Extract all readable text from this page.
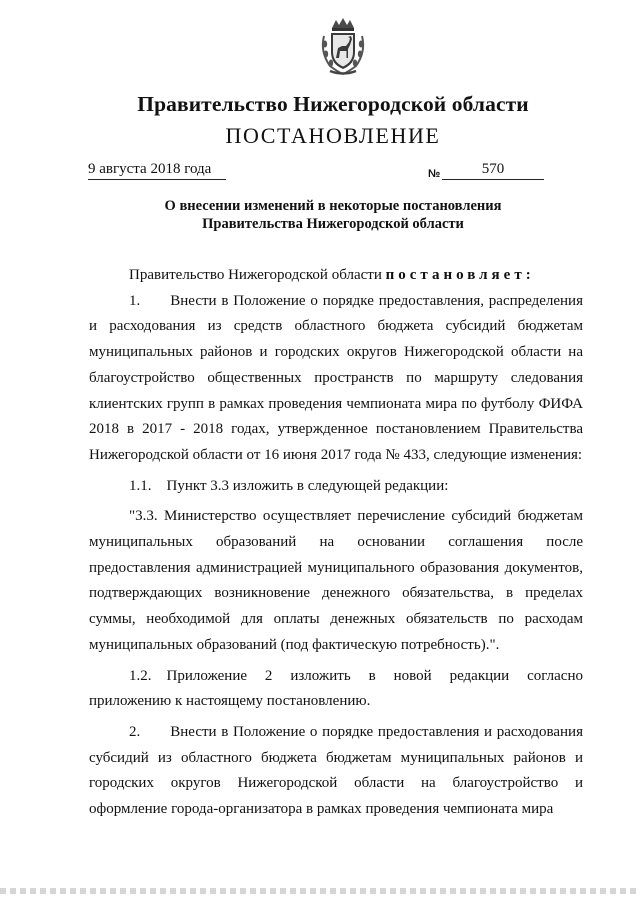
Правительство Нижегородской области
ПОСТАНОВЛЕНИЕ
9 августа 2018 года	№	570
О внесении изменений в некоторые постановления
Правительства Нижегородской области

Правительство Нижегородской области постановляет:

1.  Внести в Положение о порядке предоставления, распределения и расходования из средств областного бюджета субсидий бюджетам муниципальных районов и городских округов Нижегородской области на благоустройство общественных пространств по маршруту следования клиентских групп в рамках проведения чемпионата мира по футболу ФИФА 2018 в 2017 - 2018 годах, утвержденное постановлением Правительства Нижегородской области от 16 июня 2017 года № 433, следующие изменения:

1.1. Пункт 3.3 изложить в следующей редакции:

"3.3. Министерство осуществляет перечисление субсидий бюджетам муниципальных образований на основании соглашения после предоставления администрацией муниципального образования документов, подтверждающих возникновение денежного обязательства, в пределах суммы, необходимой для оплаты денежных обязательств по расходам муниципальных образований (под фактическую потребность).".

1.2. Приложение 2 изложить в новой редакции согласно приложению к настоящему постановлению.

2.  Внести в Положение о порядке предоставления и расходования субсидий из областного бюджета бюджетам муниципальных районов и городских округов Нижегородской области на благоустройство и оформление города-организатора в рамках проведения чемпионата мира
